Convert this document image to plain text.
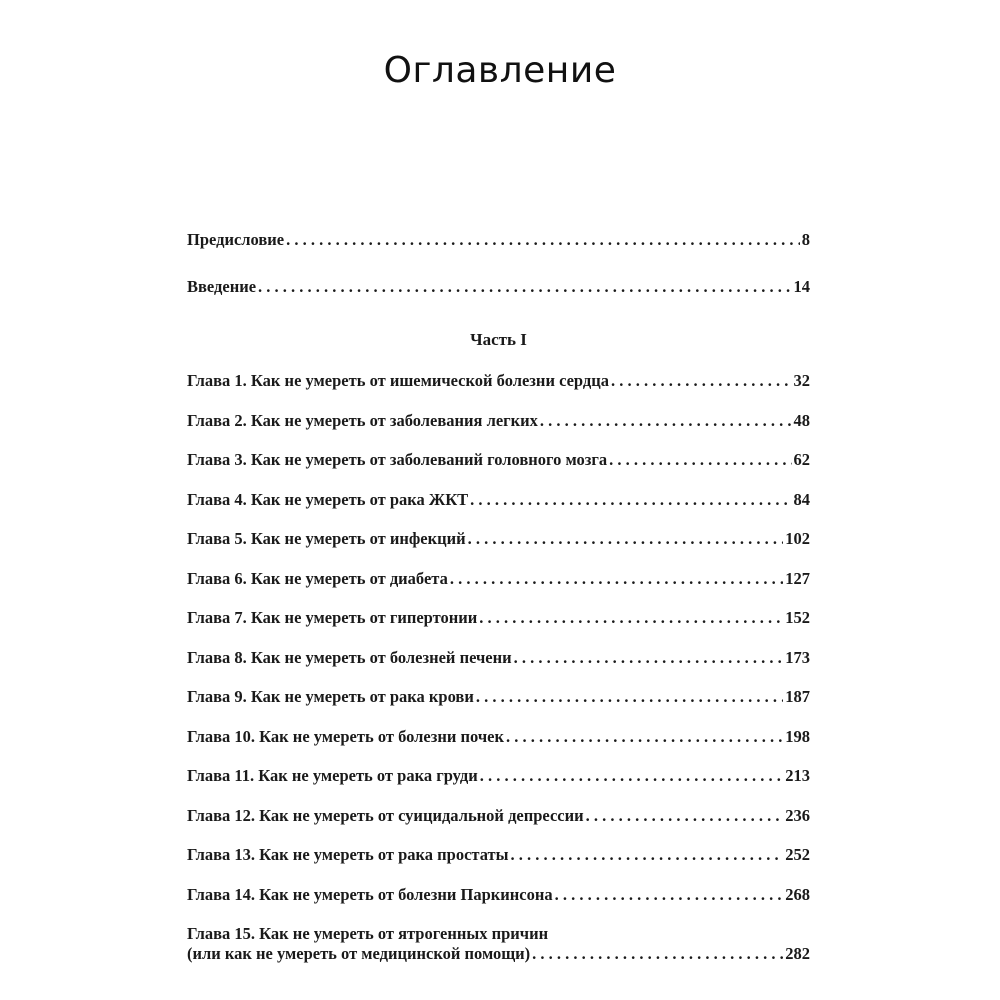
Оглавление
Предисловие . . .	8
Введение . . .	14
Часть I
Глава 1. Как не умереть от ишемической болезни сердца . . .	32
Глава 2. Как не умереть от заболевания легких . . .	48
Глава 3. Как не умереть от заболеваний головного мозга . . .	62
Глава 4. Как не умереть от рака ЖКТ . . .	84
Глава 5. Как не умереть от инфекций . . .	102
Глава 6. Как не умереть от диабета . . .	127
Глава 7. Как не умереть от гипертонии . . .	152
Глава 8. Как не умереть от болезней печени . . .	173
Глава 9. Как не умереть от рака крови . . .	187
Глава 10. Как не умереть от болезни почек . . .	198
Глава 11. Как не умереть от рака груди . . .	213
Глава 12. Как не умереть от суицидальной депрессии . . .	236
Глава 13. Как не умереть от рака простаты . . .	252
Глава 14. Как не умереть от болезни Паркинсона . . .	268
Глава 15. Как не умереть от ятрогенных причин
(или как не умереть от медицинской помощи) . . .	282
